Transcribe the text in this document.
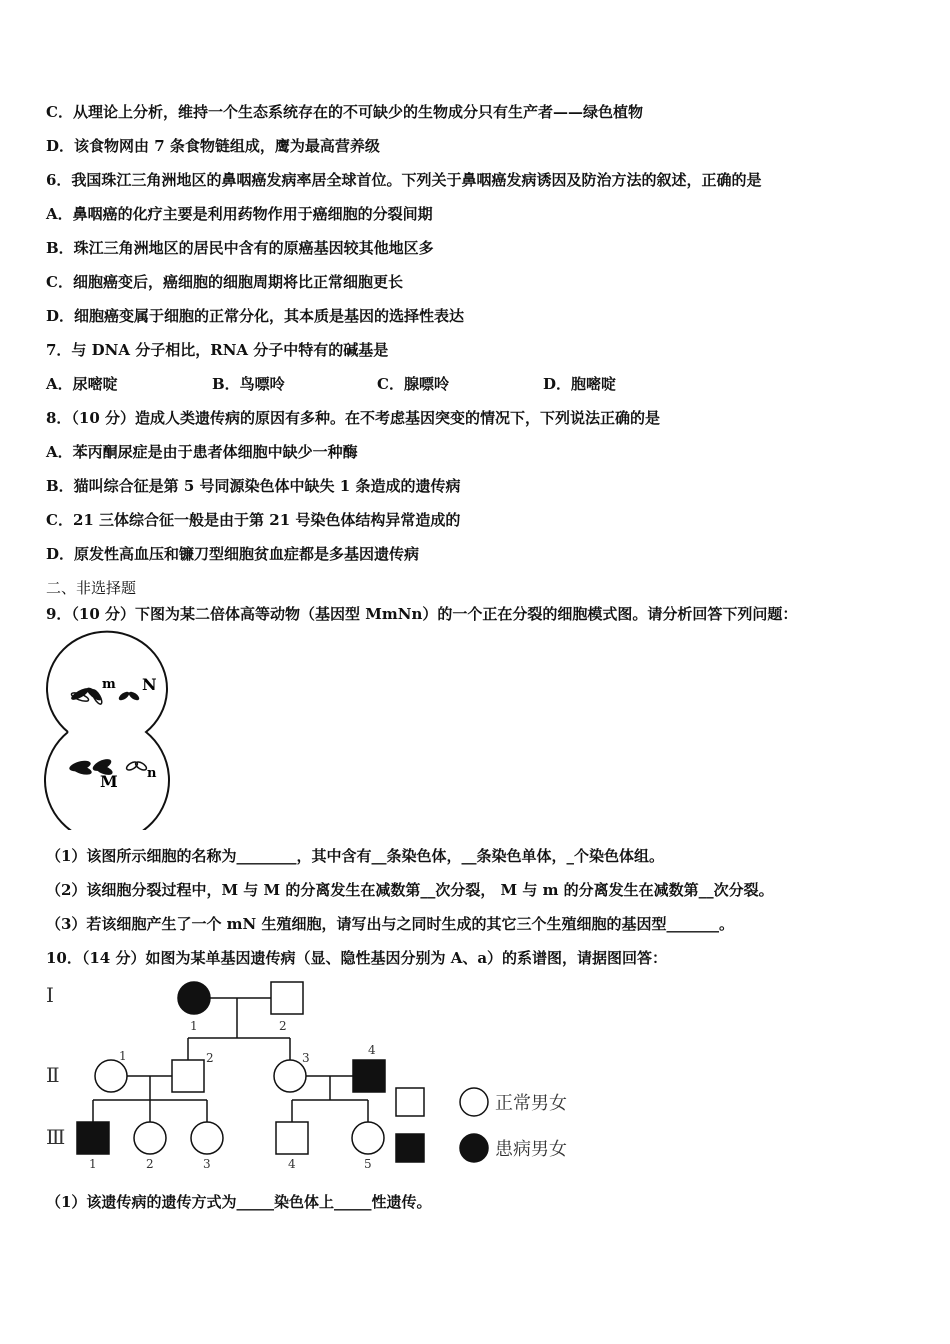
C．从理论上分析，维持一个生态系统存在的不可缺少的生物成分只有生产者——绿色植物
D．该食物网由 7 条食物链组成，鹰为最高营养级
6．我国珠江三角洲地区的鼻咽癌发病率居全球首位。下列关于鼻咽癌发病诱因及防治方法的叙述，正确的是
A．鼻咽癌的化疗主要是利用药物作用于癌细胞的分裂间期
B．珠江三角洲地区的居民中含有的原癌基因较其他地区多
C．细胞癌变后，癌细胞的细胞周期将比正常细胞更长
D．细胞癌变属于细胞的正常分化，其本质是基因的选择性表达
7．与 DNA 分子相比，RNA 分子中特有的碱基是
A．尿嘧啶	B．鸟嘌呤	C．腺嘌呤	D．胞嘧啶
8．（10 分）造成人类遗传病的原因有多种。在不考虑基因突变的情况下，下列说法正确的是
A．苯丙酮尿症是由于患者体细胞中缺少一种酶
B．猫叫综合征是第 5 号同源染色体中缺失 1 条造成的遗传病
C．21 三体综合征一般是由于第 21 号染色体结构异常造成的
D．原发性高血压和镰刀型细胞贫血症都是多基因遗传病
二、非选择题
9．（10 分）下图为某二倍体高等动物（基因型 MmNn）的一个正在分裂的细胞模式图。请分析回答下列问题：
m N
M n
（1）该图所示细胞的名称为________，其中含有__条染色体，__条染色单体，_个染色体组。
（2）该细胞分裂过程中，M 与 M 的分离发生在减数第__次分裂， M 与 m 的分离发生在减数第__次分裂。
（3）若该细胞产生了一个 mN 生殖细胞，请写出与之同时生成的其它三个生殖细胞的基因型_______。
10．（14 分）如图为某单基因遗传病（显、隐性基因分别为 A、a）的系谱图，请据图回答：
Ⅰ
Ⅱ
Ⅲ
1	2
1	2	3
4
1	2	3	4	5
正常男女
患病男女
（1）该遗传病的遗传方式为_____染色体上_____性遗传。
